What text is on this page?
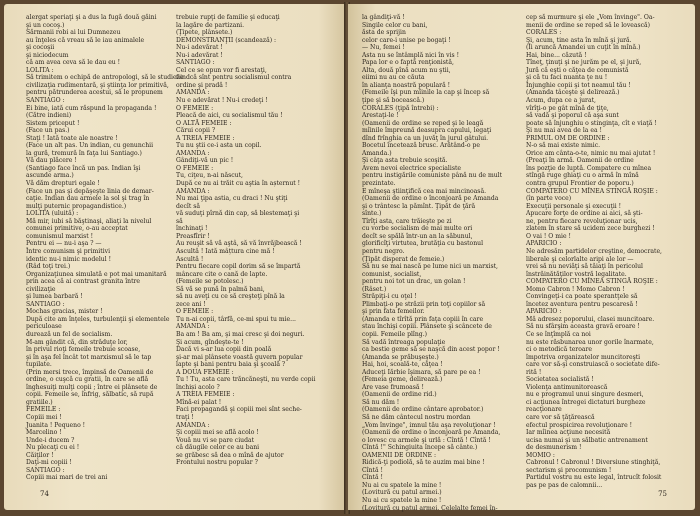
alergat speriaţi şi a dus la fugă două găini
şi un cocoş.)
Sărmanii robi ai lui Dumnezeu
au înţeles că vreau să le iau animalele
şi cocoşii
şi niciodecum
că am avea ceva să le dau eu !
LOLITA :
Să trimitem o echipă de antropologi, să le studieze
civilizaţia rudimentară, şi ştiinţa lor primitivă,
pentru pătrunderea acestui, să le propunem
SANTIAGO :
Ei bine, iată cum răspund la propaganda !
(Către indieni)
Sistem priceput !
(Face un pas.)
Staţi ! Iată toate ale noastre !
(Face un alt pas. Un indian, cu genunchii
la gură, tremură în faţa lui Santiago.)
Vă dau plăcere !
(Santiago face încă un pas. Indian îşi
ascunde arma.)
Vă dăm drepturi egale !
(Face un pas şi depăşeşte linia de demar-
caţie. Indian dau armele la sol şi trag în
mulţi puternic propagandistice.)
LOLITA (uluită) :
Mă mir, iubi să băştinaşi, aliaţi la nivelul
comunei primitive, o-au acceptat
comunismul marxist !
Pentru ei — nu-i aşa ? —
Între comunism şi primitivi
identic nu-i nimic modelul !
(Râd toţi trei.)
Organizaţiunea simulată e pot mai umanitară
prin acea că ai contrast granita între
civilizaţie
şi lumea barbară !
SANTIAGO :
Mochas gracias, mister !
După cite am înţeles, turbulenţii şi elementele
periculoase
durează un fel de socialism.
M-am gândit că, din străduţe lor,
în privul rioţi femeile trebuie scoase,
şi în aşa fel încât tot marxismul să le tap
tupilate.
(Prin mersi trece, împinsă de Oamenii de
ordine, o cuşcă cu gratii, în care se află
înghesuiţi mulţi copii ; între ei plânsete de
copii. Femeile se, înfrig, sălbatic, să rupă
gratiile.)
FEMEILE :
Copiii mei !
Juanita ! Pequeno !
Marcelino !
Unde-i ducem ?
Nu plecaţi cu ei !
Căiţilor !
Daţi-mi copiii !
SANTIAGO :
Copiii mai mari de trei ani
trebuie rupţi de familie şi educaţi
la lagăre de partizani.
(Ţipete, plânsete.)
DEMONSTRANŢII (scandează) :
Nu-i adevărat !
Nu-i adevărat !
SANTIAGO :
Cel ce se opun vor fi arestaţi,
fiindcă sînt pentru socialismul contra
ordine şi pradă !
AMANDA :
Nu e adevărat ! Nu-i credeţi !
O FEMEIE :
Pleacă de aici, cu socialismul tău !
O ALTĂ FEMEIE :
Cărui copii ?
A TREIA FEMEIE :
Tu nu ştii ce-i asta un copil.
AMANDA :
Gândiţi-vă un pic !
O FEMEIE :
Tu, ciţeu, n-ai născut,
După ce nu ai trăit cu aştia în așternut !
AMANDA :
Nu mai ţipa astia, cu draci ! Nu ştiţi
decît să
vă suduţi pîrnă din cap, să blestemaţi şi
să
închinaţi !
Preasfîrir !
Au reuşit să vă aştâ, să vă învrăjbească !
Ascultă ! Iată mâțtura cine mă !
Ascultă !
Pentru fiecare copil dorim să se împartă
mâncare cite o cană de lapte.
(Femeile se potolesc.)
Să vă se pună în palmă bani,
să nu aveţi cu ce să creşteţi pînă la
zece ani !
O FEMEIE :
Tu n-ai copii, târfă, ce-mi spui tu mie...
AMANDA :
Ba am ! Ba am, şi mai cresc şi doi neguri.
Şi acum, gîndeşte-te !
Dacă vi s-ar lua copii din poală
şi-ar mai plânsete voastă guvern popular
lapte şi bani pentru baia şi şcoală ?
A DOUA FEMEIE :
Tu ! Tu, asta care trăncăneşti, nu verde copii
închiși acolo ?
A TREIA FEMEIE :
Mînă-ei palat !
Faci propagandă şi copiii mei sînt seche-
traţi !
AMANDA :
Şi copiii mei se află acolo !
Vouă nu vi se pare ciudat
că dăugile celor ce au bani
se grăbesc să dea o mînă de ajutor
Frontului nostru popular ?
74
la gândiţi-vă !
Singile celor cu bani,
ăsta de sprijin
celor care-i unise pe bogaţi !
— Nu, femei !
Asta nu se întâmplă nici în vis !
Papa lor e o faptă renţionistă,
Alta, două pînă acum nu ştii,
eiimi nu au ce căuta
în alianţa noastră populară !
(Femeile îşi pun mîinile la cap şi încep să
ţipe şi să bocească.)
CORALES (ţipă întrebi) :
Arestaţi-le !
(Oamenii de ordine se reped şi le leagă
mîinile împreună deasupra capului, legaţi
dînd frînghia ca un juvăţ în jurul gâtului.
Bocetul încetează brusc. Arătând-o pe
Amanda.)
Şi câţa asta trebuie scoşită.
Avem nevoi electrice specialiste
pentru instigările comuniste până nu de mult
prezintate.
E mîneşa ştiinţifică cea mai mincinoasă.
(Oamenii de ordine o înconjoară pe Amanda
şi o trântesc la pămînt. Ţipăt de ţără
sînte.)
Tîrîţi asta, care trăieşte pe zi
cu vorbe socialism de mai multe ori
decît se spălă într-un an la săbunul,
glorificîţi virtutea, brutăţia cu bastonul
pentru negro.
(Ţipăt disperat de femeie.)
Să nu se mai nască pe lume nici un marxist,
comunist, socialist,
pentru noi tot un drac, un golan !
(Râset.)
Străpiţi-i cu oţel !
Plimbaţi-o pe străzii prin toţi copiilor să
şi prin fata femeilor.
(Amanda e tîrîtă prin faţa copiii în care
stau închişi copiii. Plânsete şi scâncete de
copii. Femeile plîng.)
Să vadă întreaga populaţie
ca bestie geme să se naşcă din acest popor !
(Amanda se prăbuşeşte.)
Hai, hoi, scoală-te, căţea !
Aduceţi Iărbie îşimara, să pare pe ea !
(Femeia geme, delirează.)
Are vase frumoasă !
(Oamenii de ordine rid.)
Să nu dăm !
(Oamenii de ordine cântare aprobator.)
Să ne dăm cântecul nostru mordan
„Vom învinge", imnul tău aşa revoluţionar !
(Oamenii de ordine o înconjoară pe Amanda,
o lovesc cu armele şi urlă : Cîntă ! Cîntă !
Cîntă !" Schingiuita începe să cânte.)
OAMENII DE ORDINE :
Ridică-ţi podiolă, să te auzim mai bine !
Cîntă !
Cîntă !
Nu ai cu spatele la mine !
(Lovitură cu patul armei.)
Nu ai cu spatele la mine !
(Lovitură cu patul armei. Celelalte femei în-
cep să murmure şi ele „Vom învinge". Oa-
menii de ordine se reped să le lovească)
CORALES :
Şi, acum, tine asta în mînă şi jură.
(Îi aruncă Amandei un cuţit în mînă.)
Hai, bine... căzută !
Tîneţ, ţinuţi şi ne jurăm pe el, şi jură,
Jură că eşti o căţea de comunistă
şi că tu faci nuanta ţe nu !
Înjunghie copii şi tot neamul tău !
(Amanda tâceşte şi delirează.)
Acum, dupa ce a jurat,
vîrîţi-o pe gât mînă de ţiţe,
să vadă şi poporul că aşa sunt
poate să înjunghiu o stinginţa, cît e viaţă !
Şi nu mai avea de la ea !
PRIMUL OM DE ORDINE :
N-o să mai existe nimic.
Orice am cânta-o-te, nimic nu mai ajutat !
(Preaţi în armă. Oamenii de ordine
îns pozţie de luptă. Compatere cu mînea
stîngă ruge ghiaţi cu o armă în mînă
contra grupul Frontier de poporu.)
COMPATERO CU MÎNEA STINGĂ ROŞIE :
(în parte voce)
Execuţii personale şi execuţii !
Apucare forţe de ordine ai aici, să şti-
ne, pentru fiecare revoluţionar ucis,
zlatem în stare să ucidem zece burghezi !
O vai ! O mie !
APARICIO :
Ne adresăm partidelor creştine, democrate,
liberale şi celorlalte aripi ale lor —
vrei să nu neviăţi să tăiaţi în pericolul
înstrăinătăţilor vostră legalitate.
COMPATERO CU MÎNEA STINGĂ ROŞIE :
Momo Cabron ! Momo Cabron !
Convingeţi-i ca poate sperantţele să
încetez aventura pentru pescaresă !
APARICIO :
Mă adresez poporului, clasei muncitoare.
Să nu sfârşim aceasta gravă eroare !
Ce se înţîmplă ca noi
nu este răsbunarea unor gorile înarmate,
ci o metodică teroare
împotriva organizatelor muncitoreşti
care vor să-şi construiască o societate dife-
rită !
Societatea socialistă !
Violenţa antimunitorească
nu e programul unui singure desmeri,
ci acţiunea întregei dictaturi burgheze
reacţionare
care vor să ţăţărească
efectul prospicirea revoluţionare !
Iar mîinea acţiune necesită
ucisa numai şi un sălbatic antrenament
de desmunerism !
MOMIO :
Cabronul ! Cabronul ! Diversiune stinghiţă,
sectarism şi procomunism !
Partidul vostru nu este legal, întrucît folosit
pas pe pas de calomnii...
75
